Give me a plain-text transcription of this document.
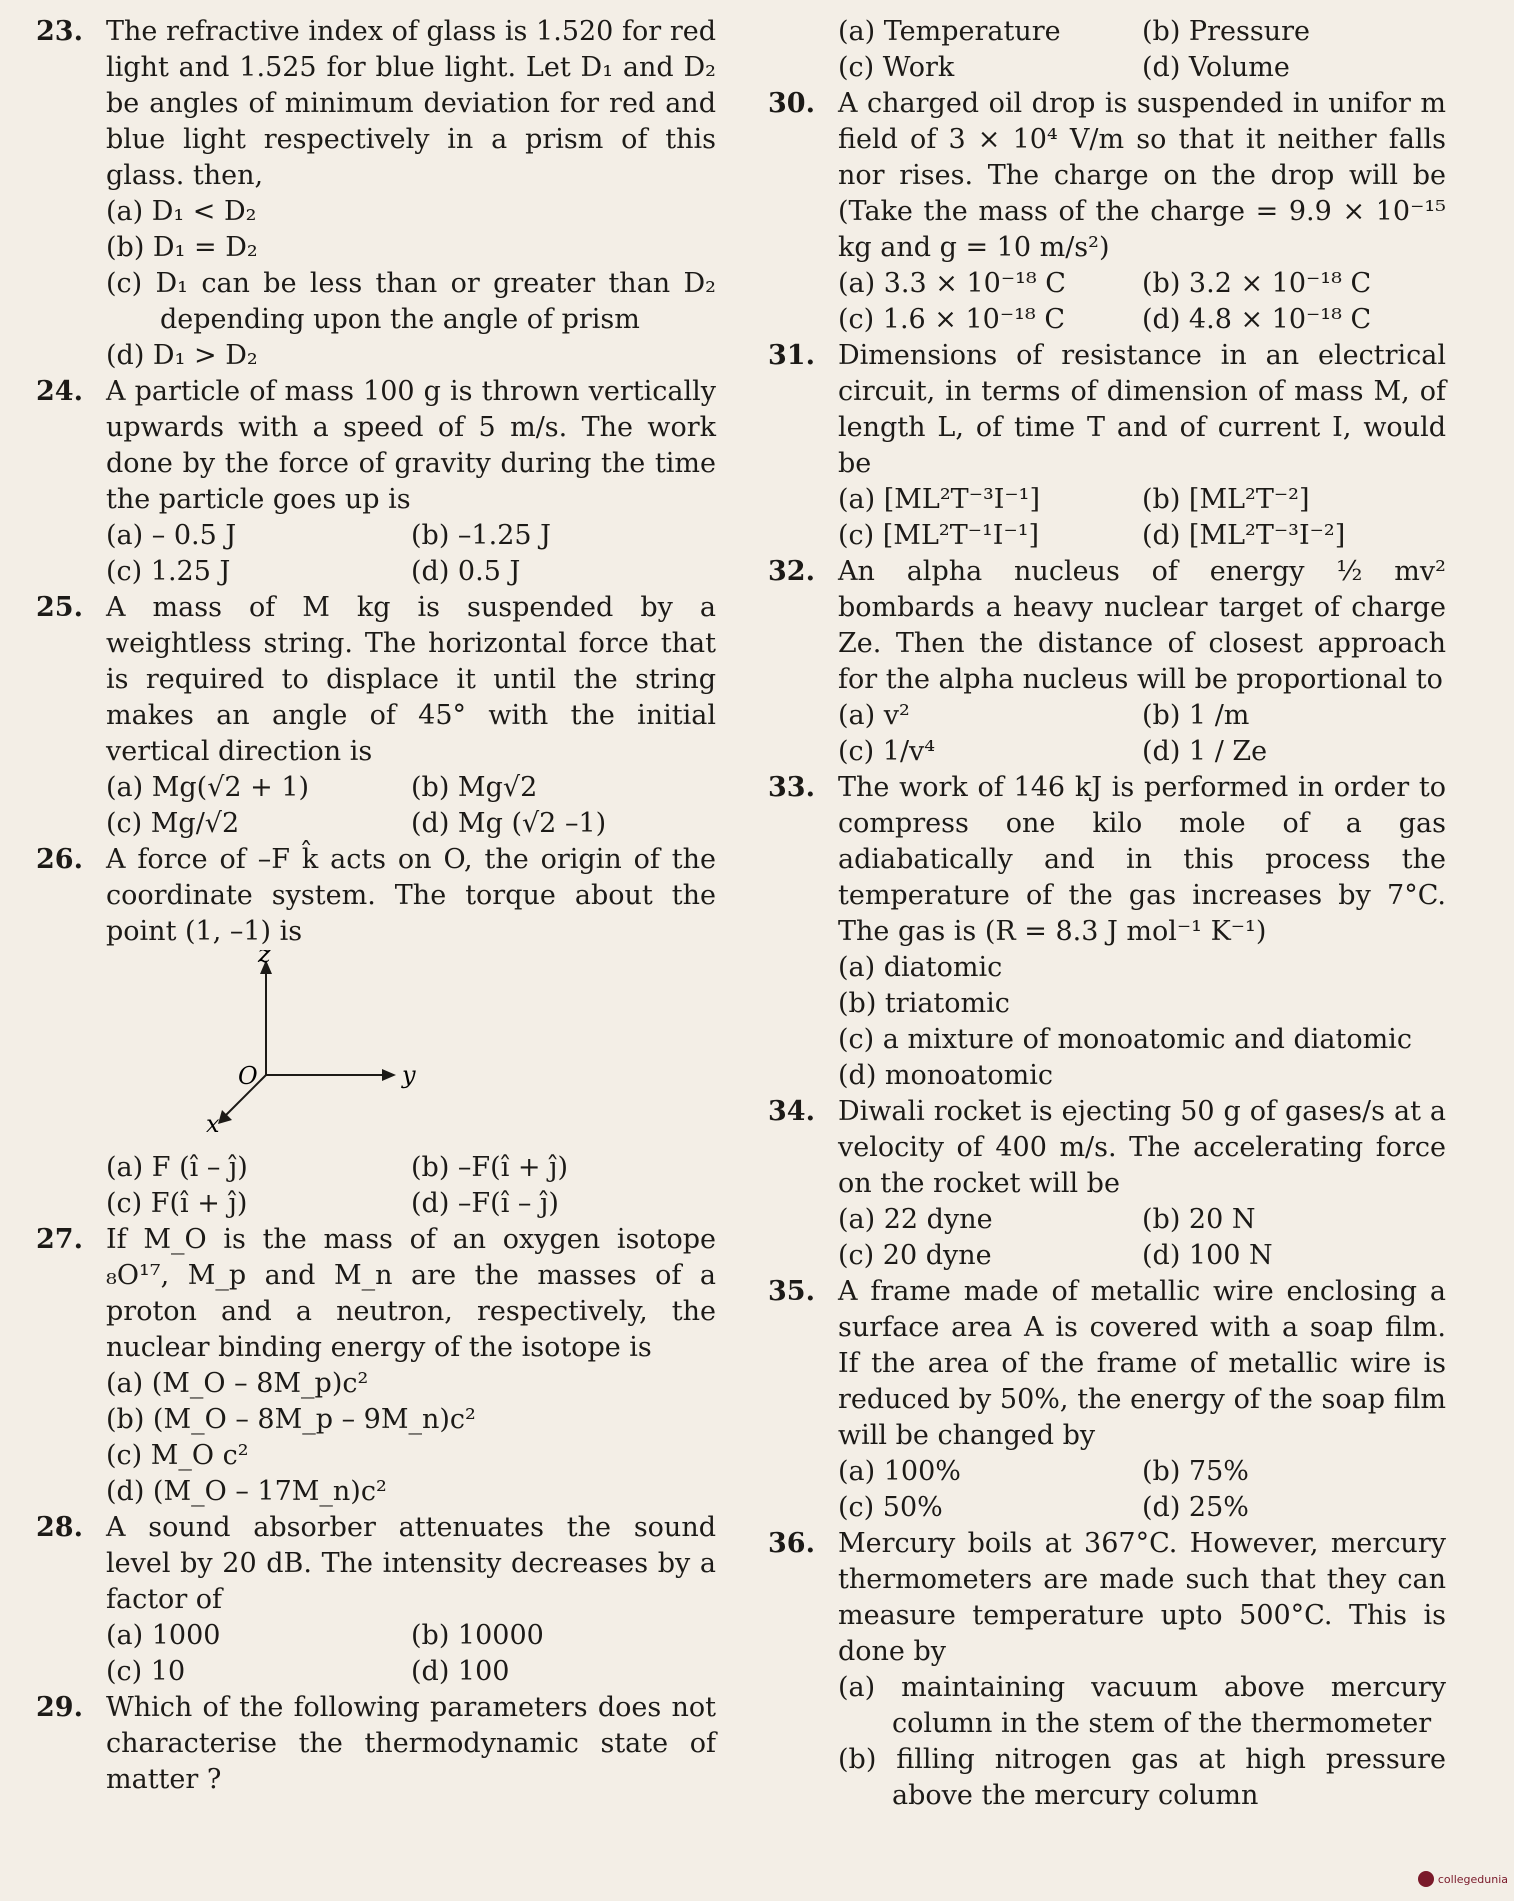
23. The refractive index of glass is 1.520 for red light and 1.525 for blue light. Let D₁ and D₂ be angles of minimum deviation for red and blue light respectively in a prism of this glass. then,
(a) D₁ < D₂
(b) D₁ = D₂
(c) D₁ can be less than or greater than D₂ depending upon the angle of prism
(d) D₁ > D₂
24. A particle of mass 100 g is thrown vertically upwards with a speed of 5 m/s. The work done by the force of gravity during the time the particle goes up is
(a) – 0.5 J	(b) –1.25 J
(c) 1.25 J	(d) 0.5 J
25. A mass of M kg is suspended by a weightless string. The horizontal force that is required to displace it until the string makes an angle of 45° with the initial vertical direction is
(a) Mg(√2 + 1)	(b) Mg√2
(c) Mg/√2	(d) Mg (√2 –1)
26. A force of –F k̂ acts on O, the origin of the coordinate system. The torque about the point (1, –1) is
z
y
x
O
(a) F (î – ĵ)	(b) –F(î + ĵ)
(c) F(î + ĵ)	(d) –F(î – ĵ)
27. If M_O is the mass of an oxygen isotope ₈O¹⁷, M_p and M_n are the masses of a proton and a neutron, respectively, the nuclear binding energy of the isotope is
(a) (M_O – 8M_p)c²
(b) (M_O – 8M_p – 9M_n)c²
(c) M_O c²
(d) (M_O – 17M_n)c²
28. A sound absorber attenuates the sound level by 20 dB. The intensity decreases by a factor of
(a) 1000	(b) 10000
(c) 10	(d) 100
29. Which of the following parameters does not characterise the thermodynamic state of matter ?
(a) Temperature	(b) Pressure
(c) Work	(d) Volume
30. A charged oil drop is suspended in unifor m field of 3 × 10⁴ V/m so that it neither falls nor rises. The charge on the drop will be (Take the mass of the charge = 9.9 × 10⁻¹⁵ kg and g = 10 m/s²)
(a) 3.3 × 10⁻¹⁸ C	(b) 3.2 × 10⁻¹⁸ C
(c) 1.6 × 10⁻¹⁸ C	(d) 4.8 × 10⁻¹⁸ C
31. Dimensions of resistance in an electrical circuit, in terms of dimension of mass M, of length L, of time T and of current I, would be
(a) [ML²T⁻³I⁻¹]	(b) [ML²T⁻²]
(c) [ML²T⁻¹I⁻¹]	(d) [ML²T⁻³I⁻²]
32. An alpha nucleus of energy ½ mv² bombards a heavy nuclear target of charge Ze. Then the distance of closest approach for the alpha nucleus will be proportional to
(a) v²	(b) 1 /m
(c) 1/v⁴	(d) 1 / Ze
33. The work of 146 kJ is performed in order to compress one kilo mole of a gas adiabatically and in this process the temperature of the gas increases by 7°C. The gas is (R = 8.3 J mol⁻¹ K⁻¹)
(a) diatomic
(b) triatomic
(c) a mixture of monoatomic and diatomic
(d) monoatomic
34. Diwali rocket is ejecting 50 g of gases/s at a velocity of 400 m/s. The accelerating force on the rocket will be
(a) 22 dyne	(b) 20 N
(c) 20 dyne	(d) 100 N
35. A frame made of metallic wire enclosing a surface area A is covered with a soap film. If the area of the frame of metallic wire is reduced by 50%, the energy of the soap film will be changed by
(a) 100%	(b) 75%
(c) 50%	(d) 25%
36. Mercury boils at 367°C. However, mercury thermometers are made such that they can measure temperature upto 500°C. This is done by
(a) maintaining vacuum above mercury column in the stem of the thermometer
(b) filling nitrogen gas at high pressure above the mercury column
collegedunia
